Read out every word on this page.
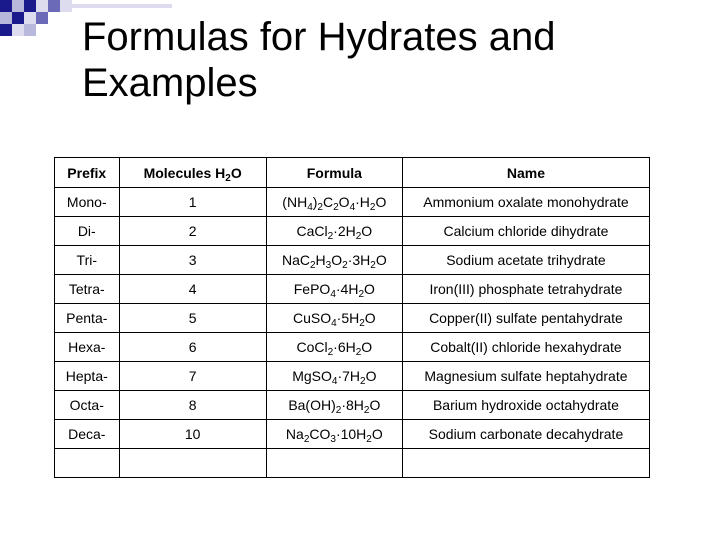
Formulas for Hydrates and
Examples
Prefix	Molecules $H_2O$	Formula	Name
Mono-	1	$(NH_4)_2C_2O_4\cdot H_2O$	Ammonium oxalate monohydrate
Di-	2	$CaCl_2\cdot 2H_2O$	Calcium chloride dihydrate
Tri-	3	$NaC_2H_3O_2\cdot 3H_2O$	Sodium acetate trihydrate
Tetra-	4	$FePO_4\cdot 4H_2O$	Iron(III) phosphate tetrahydrate
Penta-	5	$CuSO_4\cdot 5H_2O$	Copper(II) sulfate pentahydrate
Hexa-	6	$CoCl_2\cdot 6H_2O$	Cobalt(II) chloride hexahydrate
Hepta-	7	$MgSO_4\cdot 7H_2O$	Magnesium sulfate heptahydrate
Octa-	8	$Ba(OH)_2\cdot 8H_2O$	Barium hydroxide octahydrate
Deca-	10	$Na_2CO_3\cdot 10H_2O$	Sodium carbonate decahydrate
